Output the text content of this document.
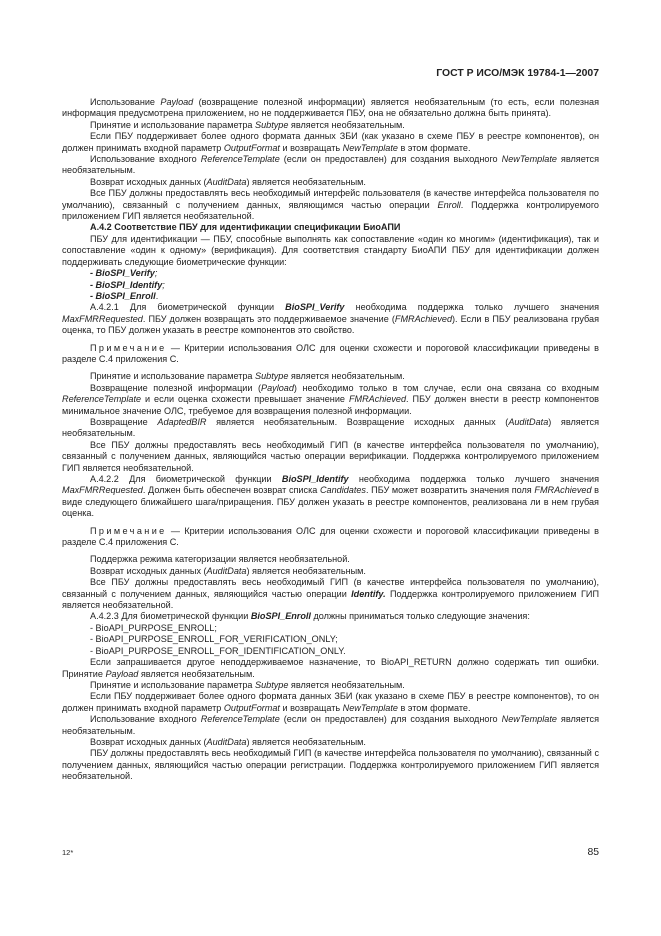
ГОСТ Р ИСО/МЭК 19784-1—2007

Использование Payload (возвращение полезной информации) является необязательным (то есть, если полезная информация предусмотрена приложением, но не поддерживается ПБУ, она не обязательно должна быть принята).

Принятие и использование параметра Subtype является необязательным.

Если ПБУ поддерживает более одного формата данных ЗБИ (как указано в схеме ПБУ в реестре компонентов), он должен принимать входной параметр OutputFormat и возвращать NewTemplate в этом формате.

Использование входного ReferenceTemplate (если он предоставлен) для создания выходного NewTemplate является необязательным.

Возврат исходных данных (AuditData) является необязательным.

Все ПБУ должны предоставлять весь необходимый интерфейс пользователя (в качестве интерфейса пользователя по умолчанию), связанный с получением данных, являющимся частью операции Enroll. Поддержка контролируемого приложением ГИП является необязательной.

А.4.2 Соответствие ПБУ для идентификации спецификации БиоАПИ

ПБУ для идентификации — ПБУ, способные выполнять как сопоставление «один ко многим» (идентификация), так и сопоставление «один к одному» (верификация). Для соответствия стандарту БиоАПИ ПБУ для идентификации должен поддерживать следующие биометрические функции:

- BioSPI_Verify;

- BioSPI_Identify;

- BioSPI_Enroll.

А.4.2.1 Для биометрической функции BioSPI_Verify необходима поддержка только лучшего значения MaxFMRRequested. ПБУ должен возвращать это поддерживаемое значение (FMRAchieved). Если в ПБУ реализована грубая оценка, то ПБУ должен указать в реестре компонентов это свойство.

Примечание — Критерии использования ОЛС для оценки схожести и пороговой классификации приведены в разделе С.4 приложения С.

Принятие и использование параметра Subtype является необязательным.

Возвращение полезной информации (Payload) необходимо только в том случае, если она связана со входным ReferenceTemplate и если оценка схожести превышает значение FMRAchieved. ПБУ должен внести в реестр компонентов минимальное значение ОЛС, требуемое для возвращения полезной информации.

Возвращение AdaptedBIR является необязательным. Возвращение исходных данных (AuditData) является необязательным.

Все ПБУ должны предоставлять весь необходимый ГИП (в качестве интерфейса пользователя по умолчанию), связанный с получением данных, являющийся частью операции верификации. Поддержка контролируемого приложением ГИП является необязательной.

А.4.2.2 Для биометрической функции BioSPI_Identify необходима поддержка только лучшего значения MaxFMRRequested. Должен быть обеспечен возврат списка Candidates. ПБУ может возвратить значения поля FMRAchieved в виде следующего ближайшего шага/приращения. ПБУ должен указать в реестре компонентов, реализована ли в нем грубая оценка.

Примечание — Критерии использования ОЛС для оценки схожести и пороговой классификации приведены в разделе С.4 приложения С.

Поддержка режима категоризации является необязательной.

Возврат исходных данных (AuditData) является необязательным.

Все ПБУ должны предоставлять весь необходимый ГИП (в качестве интерфейса пользователя по умолчанию), связанный с получением данных, являющийся частью операции Identify. Поддержка контролируемого приложением ГИП является необязательной.

А.4.2.3 Для биометрической функции BioSPI_Enroll должны приниматься только следующие значения:

- BioAPI_PURPOSE_ENROLL;

- BioAPI_PURPOSE_ENROLL_FOR_VERIFICATION_ONLY;

- BioAPI_PURPOSE_ENROLL_FOR_IDENTIFICATION_ONLY.

Если запрашивается другое неподдерживаемое назначение, то BioAPI_RETURN должно содержать тип ошибки. Принятие Payload является необязательным.

Принятие и использование параметра Subtype является необязательным.

Если ПБУ поддерживает более одного формата данных ЗБИ (как указано в схеме ПБУ в реестре компонентов), то он должен принимать входной параметр OutputFormat и возвращать NewTemplate в этом формате.

Использование входного ReferenceTemplate (если он предоставлен) для создания выходного NewTemplate является необязательным.

Возврат исходных данных (AuditData) является необязательным.

ПБУ должны предоставлять весь необходимый ГИП (в качестве интерфейса пользователя по умолчанию), связанный с получением данных, являющийся частью операции регистрации. Поддержка контролируемого приложением ГИП является необязательной.

12*	85
